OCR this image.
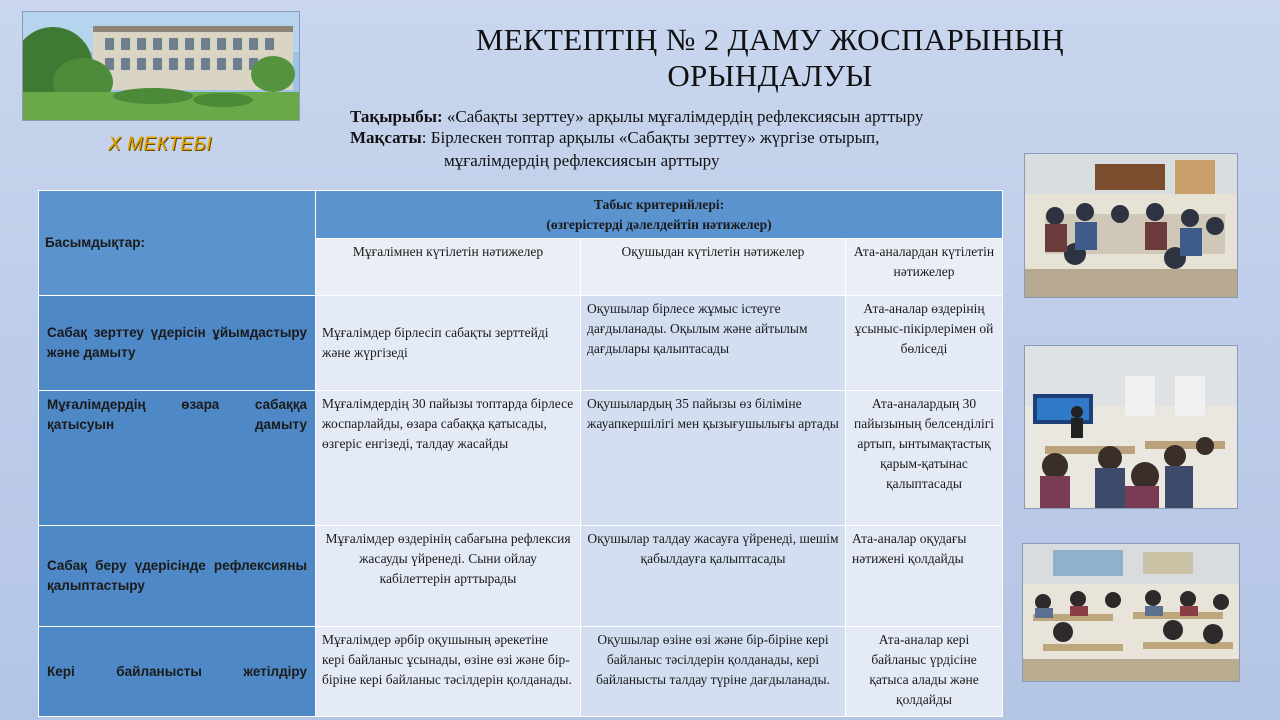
Х МЕКТЕБІ
МЕКТЕПТІҢ № 2 ДАМУ ЖОСПАРЫНЫҢ ОРЫНДАЛУЫ
Тақырыбы: «Сабақты зерттеу» арқылы мұғалімдердің рефлексиясын арттыру
Мақсаты: Бірлескен топтар арқылы «Сабақты зерттеу» жүргізе отырып,
мұғалімдердің рефлексиясын арттыру
Басымдықтар:	Табыс критерийлері:
(өзгерістерді дәлелдейтін нәтижелер)		

	Мұғалімнен күтілетін нәтижелер	Оқушыдан күтілетін нәтижелер	Ата-аналардан күтілетін нәтижелер
Сабақ зерттеу үдерісін ұйымдастыру және дамыту	Мұғалімдер бірлесіп сабақты зерттейді және жүргізеді	Оқушылар бірлесе жұмыс істеуге дағдыланады. Оқылым және айтылым дағдылары қалыптасады	Ата-аналар өздерінің ұсыныс-пікірлерімен ой бөліседі
Мұғалімдердің өзара сабаққа қатысуын дамыту	Мұғалімдердің 30 пайызы топтарда бірлесе жоспарлайды, өзара сабаққа қатысады, өзгеріс енгізеді, талдау жасайды	Оқушылардың 35 пайызы өз біліміне жауапкершілігі мен қызығушылығы артады	Ата-аналардың 30 пайызының белсенділігі артып, ынтымақтастық қарым-қатынас қалыптасады
Сабақ беру үдерісінде рефлексияны қалыптастыру	Мұғалімдер өздерінің сабағына рефлексия жасауды үйренеді. Сыни ойлау кабілеттерін арттырады	Оқушылар талдау жасауға үйренеді, шешім қабылдауға қалыптасады	Ата-аналар оқудағы нәтижені қолдайды
Кері байланысты жетілдіру	Мұғалімдер әрбір оқушының әрекетіне кері байланыс ұсынады, өзіне өзі және бір-біріне кері байланыс тәсілдерін қолданады.	Оқушылар өзіне өзі және бір-біріне кері байланыс тәсілдерін қолданады, кері байланысты талдау түріне дағдыланады.	Ата-аналар кері байланыс үрдісіне қатыса алады және қолдайды
